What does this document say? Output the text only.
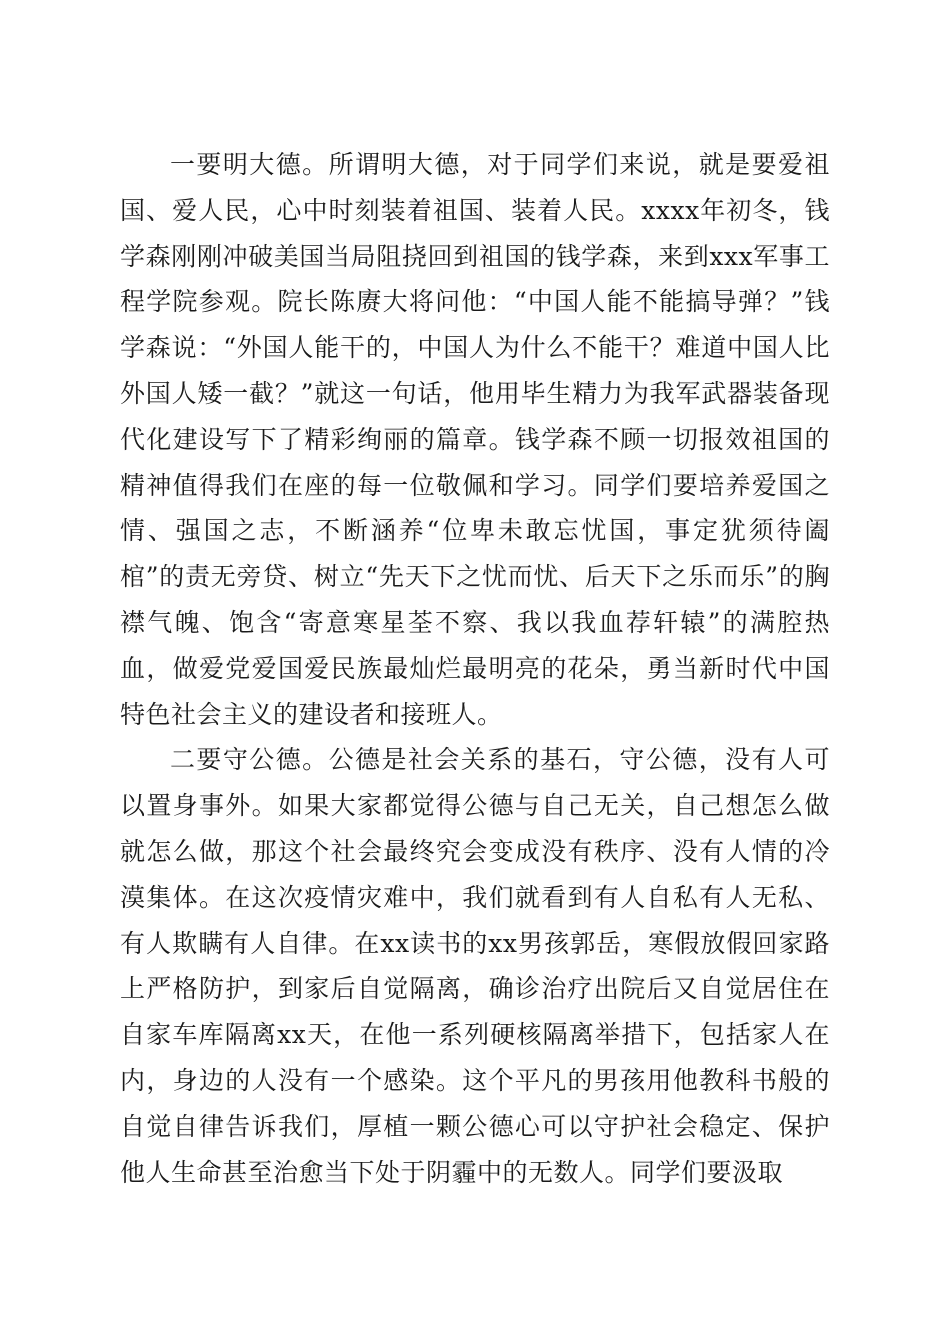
一要明大德。所谓明大德，对于同学们来说，就是要爱祖国、爱人民，心中时刻装着祖国、装着人民。xxxx年初冬，钱学森刚刚冲破美国当局阻挠回到祖国的钱学森，来到xxx军事工程学院参观。院长陈赓大将问他：“中国人能不能搞导弹？”钱学森说：“外国人能干的，中国人为什么不能干？难道中国人比外国人矮一截？”就这一句话，他用毕生精力为我军武器装备现代化建设写下了精彩绚丽的篇章。钱学森不顾一切报效祖国的精神值得我们在座的每一位敬佩和学习。同学们要培养爱国之情、强国之志，不断涵养“位卑未敢忘忧国，事定犹须待阖棺”的责无旁贷、树立“先天下之忧而忧、后天下之乐而乐”的胸襟气魄、饱含“寄意寒星荃不察、我以我血荐轩辕”的满腔热血，做爱党爱国爱民族最灿烂最明亮的花朵，勇当新时代中国特色社会主义的建设者和接班人。

二要守公德。公德是社会关系的基石，守公德，没有人可以置身事外。如果大家都觉得公德与自己无关，自己想怎么做就怎么做，那这个社会最终究会变成没有秩序、没有人情的冷漠集体。在这次疫情灾难中，我们就看到有人自私有人无私、有人欺瞒有人自律。在xx读书的xx男孩郭岳，寒假放假回家路上严格防护，到家后自觉隔离，确诊治疗出院后又自觉居住在自家车库隔离xx天，在他一系列硬核隔离举措下，包括家人在内，身边的人没有一个感染。这个平凡的男孩用他教科书般的自觉自律告诉我们，厚植一颗公德心可以守护社会稳定、保护他人生命甚至治愈当下处于阴霾中的无数人。同学们要汲取
